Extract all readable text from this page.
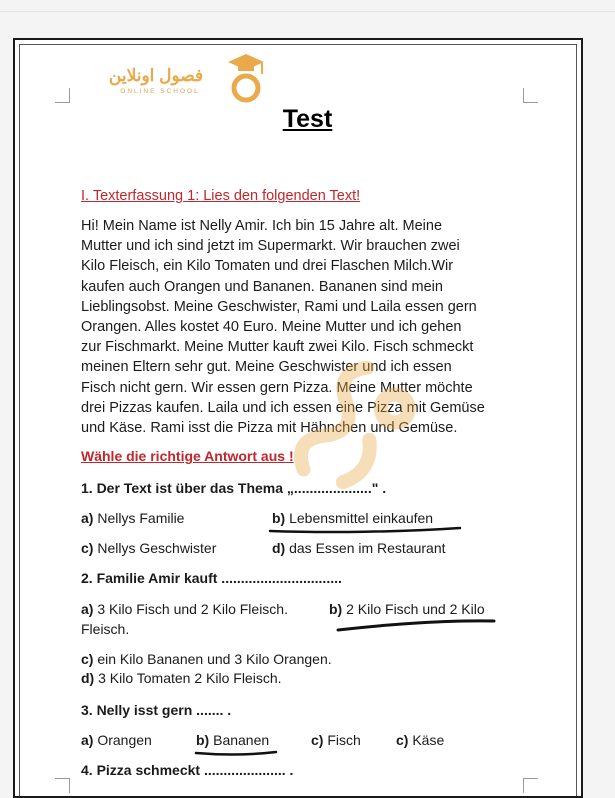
فصول اونلاين
ONLINE SCHOOL
Test
I. Texterfassung 1: Lies den folgenden Text!
Hi! Mein Name ist Nelly Amir. Ich bin 15 Jahre alt. Meine
Mutter und ich sind jetzt im Supermarkt. Wir brauchen zwei
Kilo Fleisch, ein Kilo Tomaten und drei Flaschen Milch.Wir
kaufen auch Orangen und Bananen. Bananen sind mein
Lieblingsobst. Meine Geschwister, Rami und Laila essen gern
Orangen. Alles kostet 40 Euro. Meine Mutter und ich gehen
zur Fischmarkt. Meine Mutter kauft zwei Kilo. Fisch schmeckt
meinen Eltern sehr gut. Meine Geschwister und ich essen
Fisch nicht gern. Wir essen gern Pizza. Meine Mutter möchte
drei Pizzas kaufen. Laila und ich essen eine Pizza mit Gemüse
und Käse. Rami isst die Pizza mit Hähnchen und Gemüse.
Wähle die richtige Antwort aus !
1. Der Text ist über das Thema „...................." .
a) Nellys Familie	b) Lebensmittel einkaufen
c) Nellys Geschwister	d) das Essen im Restaurant
2. Familie Amir kauft ...............................
a) 3 Kilo Fisch und 2 Kilo Fleisch.	b) 2 Kilo Fisch und 2 Kilo
Fleisch.
c) ein Kilo Bananen und 3 Kilo Orangen.
d) 3 Kilo Tomaten 2 Kilo Fleisch.
3. Nelly isst gern ....... .
a) Orangen	b) Bananen	c) Fisch	c) Käse
4. Pizza schmeckt ..................... .
